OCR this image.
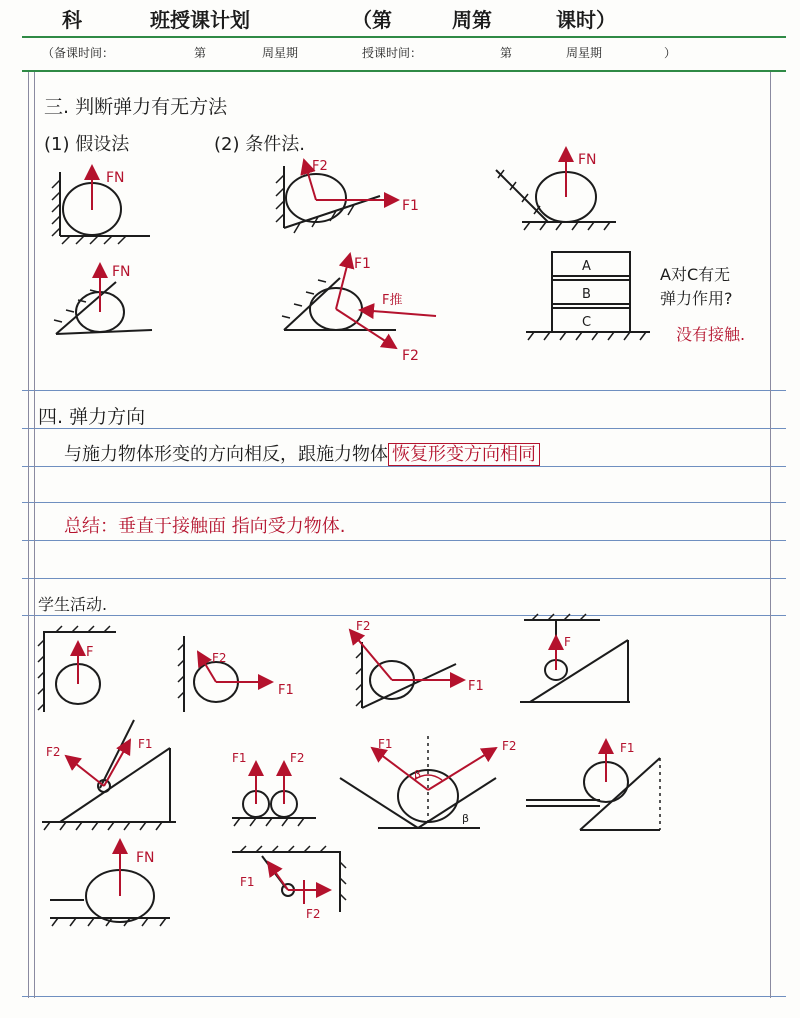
科	班授课计划	（第	周第	课时）
（备课时间：	第	周星期	授课时间：	第	周星期	）
三. 判断弹力有无方法
(1) 假设法	(2) 条件法.
FN
F2
F1
FN
FN	F1
F推
F2
A
B
C
A对C有无
弹力作用?
没有接触.
四. 弹力方向
与施力物体形变的方向相反，跟施力物体 恢复形变方向相同
总结：垂直于接触面 指向受力物体.
学生活动.
F	F2
F1
F2
F1
F
F2
F1
F1	F2
F1	F2
β
β
F1
FN
F1
F2
